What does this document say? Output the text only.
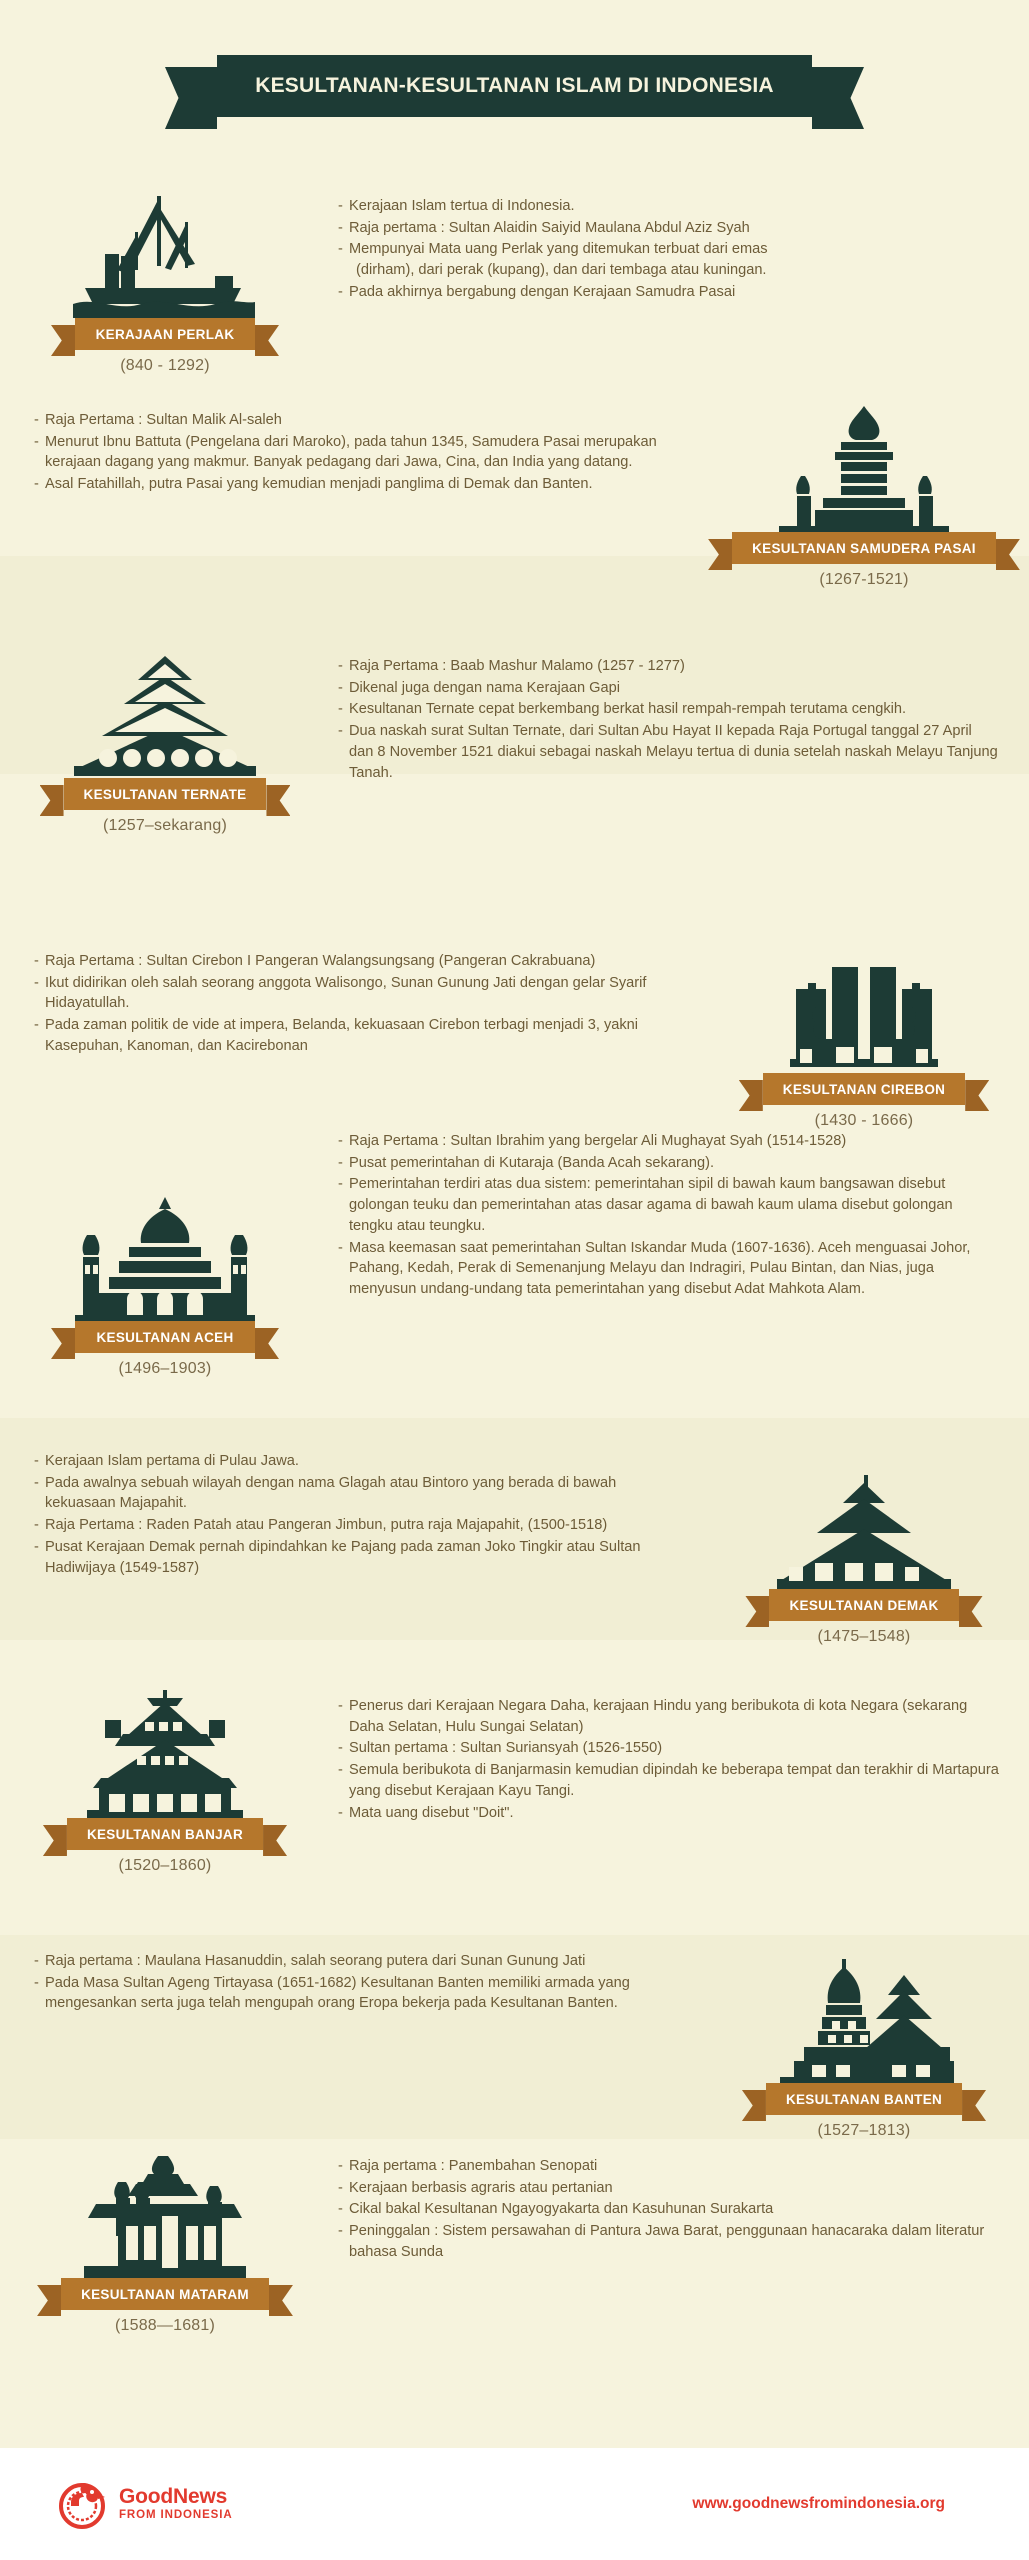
KESULTANAN-KESULTANAN ISLAM DI INDONESIA
KERAJAAN PERLAK
(840 - 1292)
- Kerajaan Islam tertua di Indonesia.
- Raja pertama : Sultan Alaidin Saiyid Maulana Abdul Aziz Syah
- Mempunyai Mata uang Perlak yang ditemukan terbuat dari emas
(dirham), dari perak (kupang), dan dari tembaga atau kuningan.
- Pada akhirnya bergabung dengan Kerajaan Samudra Pasai
KESULTANAN SAMUDERA PASAI
(1267-1521)
- Raja Pertama : Sultan Malik Al-saleh
- Menurut Ibnu Battuta (Pengelana dari Maroko), pada tahun 1345, Samudera Pasai merupakan kerajaan dagang yang makmur. Banyak pedagang dari Jawa, Cina, dan India yang datang.
- Asal Fatahillah, putra Pasai yang kemudian menjadi panglima di Demak dan Banten.
KESULTANAN TERNATE
(1257–sekarang)
- Raja Pertama : Baab Mashur Malamo (1257 - 1277)
- Dikenal juga dengan nama Kerajaan Gapi
- Kesultanan Ternate cepat berkembang berkat hasil rempah-rempah terutama cengkih.
- Dua naskah surat Sultan Ternate, dari Sultan Abu Hayat II kepada Raja Portugal tanggal 27 April dan 8 November 1521 diakui sebagai naskah Melayu tertua di dunia setelah naskah Melayu Tanjung Tanah.
KESULTANAN CIREBON
(1430 - 1666)
- Raja Pertama : Sultan Cirebon I Pangeran Walangsungsang (Pangeran Cakrabuana)
- Ikut didirikan oleh salah seorang anggota Walisongo, Sunan Gunung Jati dengan gelar Syarif Hidayatullah.
- Pada zaman politik de vide at impera, Belanda, kekuasaan Cirebon terbagi menjadi 3, yakni Kasepuhan, Kanoman, dan Kacirebonan
KESULTANAN ACEH
(1496–1903)
- Raja Pertama : Sultan Ibrahim yang bergelar Ali Mughayat Syah (1514-1528)
- Pusat pemerintahan di Kutaraja (Banda Acah sekarang).
- Pemerintahan terdiri atas dua sistem: pemerintahan sipil di bawah kaum bangsawan disebut golongan teuku dan pemerintahan atas dasar agama di bawah kaum ulama disebut golongan tengku atau teungku.
- Masa keemasan saat pemerintahan Sultan Iskandar Muda (1607-1636). Aceh menguasai Johor, Pahang, Kedah, Perak di Semenanjung Melayu dan Indragiri, Pulau Bintan, dan Nias, juga menyusun undang-undang tata pemerintahan yang disebut Adat Mahkota Alam.
KESULTANAN DEMAK
(1475–1548)
- Kerajaan Islam pertama di Pulau Jawa.
- Pada awalnya sebuah wilayah dengan nama Glagah atau Bintoro yang berada di bawah kekuasaan Majapahit.
- Raja Pertama : Raden Patah atau Pangeran Jimbun, putra raja Majapahit, (1500-1518)
- Pusat Kerajaan Demak pernah dipindahkan ke Pajang pada zaman Joko Tingkir atau Sultan Hadiwijaya (1549-1587)
KESULTANAN BANJAR
(1520–1860)
- Penerus dari Kerajaan Negara Daha, kerajaan Hindu yang beribukota di kota Negara (sekarang Daha Selatan, Hulu Sungai Selatan)
- Sultan pertama : Sultan Suriansyah (1526-1550)
- Semula beribukota di Banjarmasin kemudian dipindah ke beberapa tempat dan terakhir di Martapura yang disebut Kerajaan Kayu Tangi.
- Mata uang disebut "Doit".
KESULTANAN BANTEN
(1527–1813)
- Raja pertama : Maulana Hasanuddin, salah seorang putera dari Sunan Gunung Jati
- Pada Masa Sultan Ageng Tirtayasa (1651-1682) Kesultanan Banten memiliki armada yang mengesankan serta juga telah mengupah orang Eropa bekerja pada Kesultanan Banten.
KESULTANAN MATARAM
(1588—1681)
- Raja pertama : Panembahan Senopati
- Kerajaan berbasis agraris atau pertanian
- Cikal bakal Kesultanan Ngayogyakarta dan Kasuhunan Surakarta
- Peninggalan : Sistem persawahan di Pantura Jawa Barat, penggunaan hanacaraka dalam literatur bahasa Sunda
GoodNews
FROM INDONESIA
www.goodnewsfromindonesia.org
